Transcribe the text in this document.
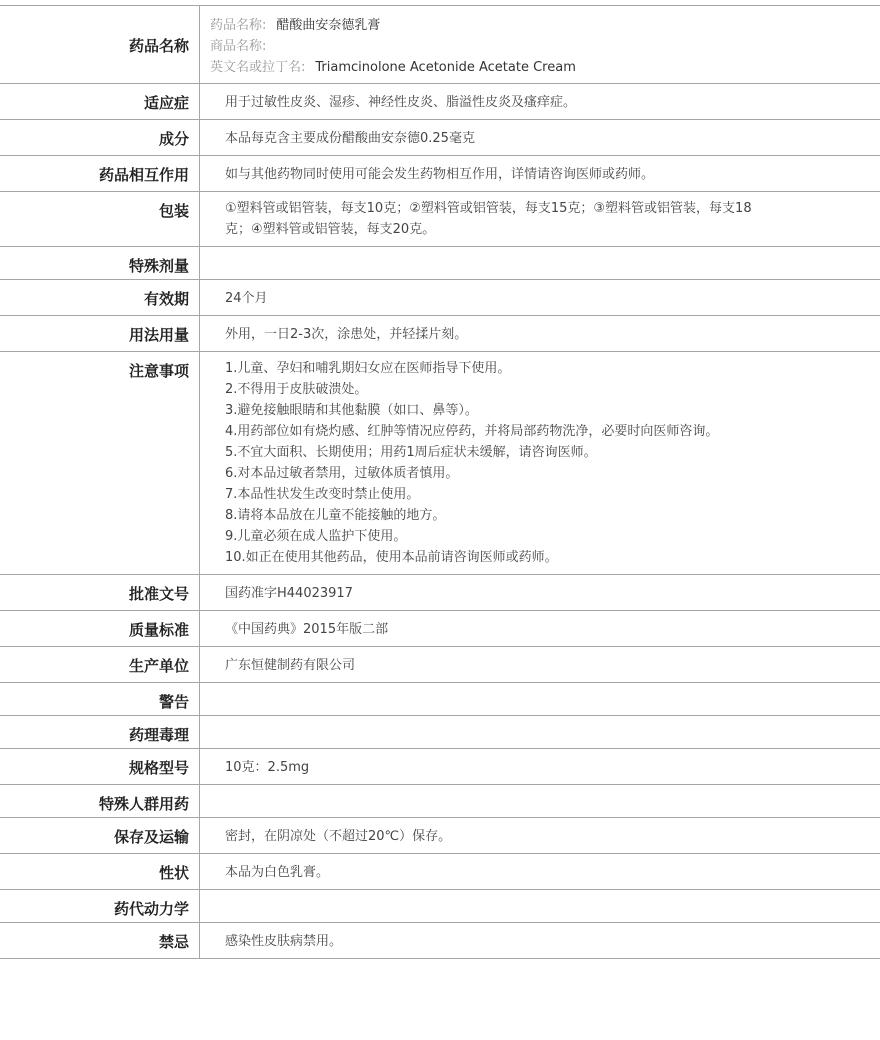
药品名称
药品名称: 醋酸曲安奈德乳膏
商品名称:
英文名或拉丁名: Triamcinolone Acetonide Acetate Cream
适应症	用于过敏性皮炎、湿疹、神经性皮炎、脂溢性皮炎及瘙痒症。
成分	本品每克含主要成份醋酸曲安奈德0.25毫克
药品相互作用	如与其他药物同时使用可能会发生药物相互作用，详情请咨询医师或药师。
包装	①塑料管或铝管装，每支10克；②塑料管或铝管装，每支15克；③塑料管或铝管装，每支18克；④塑料管或铝管装，每支20克。
特殊剂量
有效期	24个月
用法用量	外用，一日2-3次，涂患处，并轻揉片刻。
注意事项	1.儿童、孕妇和哺乳期妇女应在医师指导下使用。
2.不得用于皮肤破溃处。
3.避免接触眼睛和其他黏膜（如口、鼻等）。
4.用药部位如有烧灼感、红肿等情况应停药，并将局部药物洗净，必要时向医师咨询。
5.不宜大面积、长期使用；用药1周后症状未缓解，请咨询医师。
6.对本品过敏者禁用，过敏体质者慎用。
7.本品性状发生改变时禁止使用。
8.请将本品放在儿童不能接触的地方。
9.儿童必须在成人监护下使用。
10.如正在使用其他药品，使用本品前请咨询医师或药师。
批准文号	国药准字H44023917
质量标准	《中国药典》2015年版二部
生产单位	广东恒健制药有限公司
警告
药理毒理
规格型号	10克：2.5mg
特殊人群用药
保存及运输	密封，在阴凉处（不超过20℃）保存。
性状	本品为白色乳膏。
药代动力学
禁忌	感染性皮肤病禁用。
